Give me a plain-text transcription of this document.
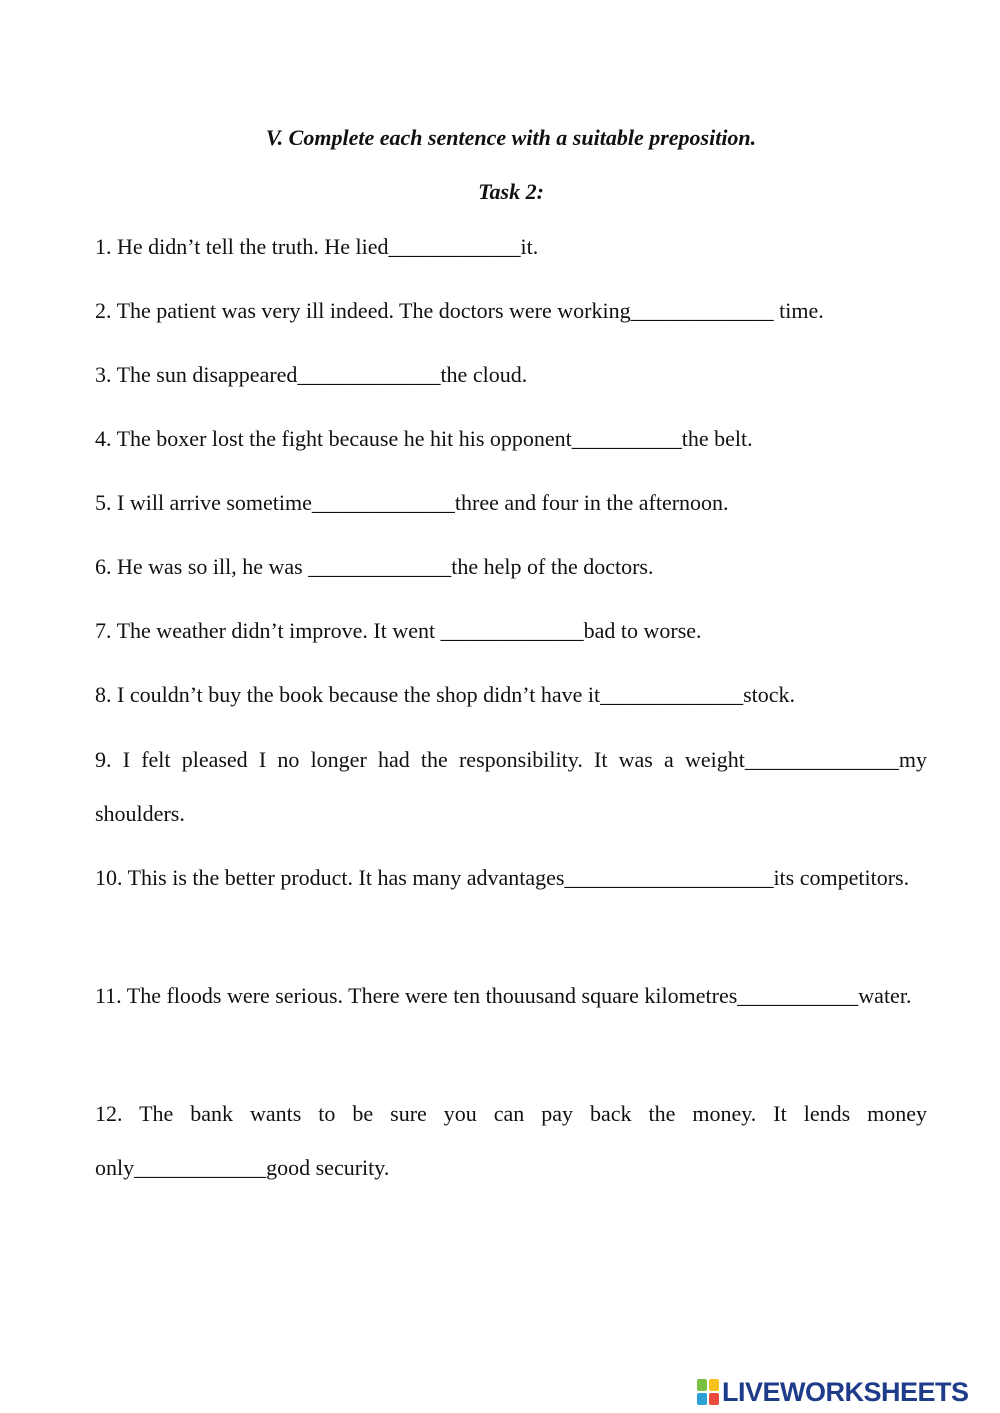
V. Complete each sentence with a suitable preposition.

Task 2:

1. He didn’t tell the truth. He lied____________it.

2. The patient was very ill indeed. The doctors were working_____________ time.

3. The sun disappeared_____________the cloud.

4. The boxer lost the fight because he hit his opponent__________the belt.

5. I will arrive sometime_____________three and four in the afternoon.

6. He was so ill, he was _____________the help of the doctors.

7. The weather didn’t improve. It went _____________bad to worse.

8. I couldn’t buy the book because the shop didn’t have it_____________stock.

9. I felt pleased I no longer had the responsibility. It was a weight______________my shoulders.

10. This is the better product. It has many advantages___________________its competitors.

11. The floods were serious. There were ten thouusand square kilometres___________water.

12. The bank wants to be sure you can pay back the money. It lends money only____________good security.

LIVEWORKSHEETS
